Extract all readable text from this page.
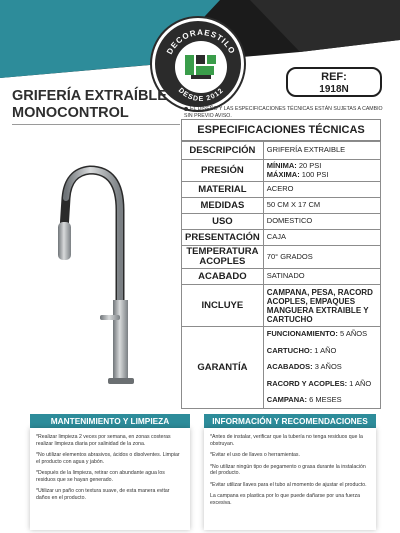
DECORAESTILO
DESDE 2012
REF:
1918N
GRIFERÍA EXTRAÍBLE
MONOCONTROL	EL DISEÑO Y LAS ESPECIFICACIONES TÉCNICAS ESTÁN SUJETAS A CAMBIO SIN PREVIO AVISO.
ESPECIFICACIONES TÉCNICAS
DESCRIPCIÓN	GRIFERÍA EXTRAIBLE
PRESIÓN	MÍNIMA: 20 PSI
MÁXIMA: 100 PSI

MATERIAL	ACERO
MEDIDAS	50 CM X 17 CM
USO	DOMESTICO
PRESENTACIÓN	CAJA
TEMPERATURA ACOPLES	70° GRADOS
ACABADO	SATINADO
INCLUYE	CAMPANA, PESA, RACORD ACOPLES, EMPAQUES MANGUERA EXTRAIBLE Y CARTUCHO
GARANTÍA	FUNCIONAMIENTO: 5 AÑOS
CARTUCHO: 1 AÑO
ACABADOS: 3 AÑOS
RACORD Y ACOPLES: 1 AÑO
CAMPANA: 6 MESES
MANTENIMIENTO Y LIMPIEZA	INFORMACIÓN Y RECOMENDACIONES

*Realizar limpieza 2 veces por semana, en zonas costeras realizar limpieza diaria por salinidad de la zona.

*No utilizar elementos abrasivos, ácidos o disolventes. Limpiar el producto con agua y jabón.

*Después de la limpieza, retirar con abundante agua los residuos que se hayan generado.

*Utilizar un paño con textura suave, de esta manera evitar daños en el producto.

*Antes de instalar, verificar que la tubería no tenga residuos que la obstruyan.

*Evitar el uso de llaves o herramientas.

*No utilizar ningún tipo de pegamento o grasa durante la instalación del producto.

*Evitar utilizar llaves para el tubo al momento de ajustar el producto.

La campana es plastica por lo que puede dañarse por una fuerza excesiva.
